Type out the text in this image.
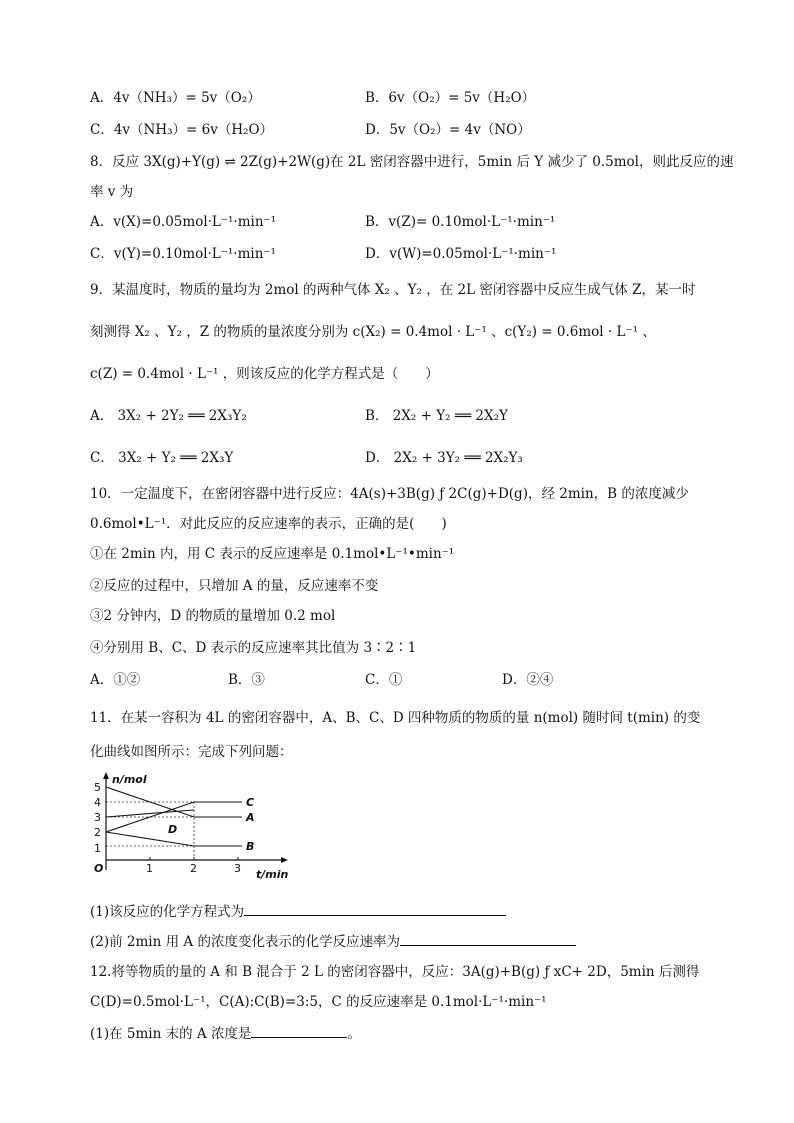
A．4v（NH₃）= 5v（O₂）	B．6v（O₂）= 5v（H₂O）
C．4v（NH₃）= 6v（H₂O）	D．5v（O₂）= 4v（NO）
8．反应 3X(g)+Y(g) ⇌ 2Z(g)+2W(g)在 2L 密闭容器中进行，5min 后 Y 减少了 0.5mol，则此反应的速
率 v 为
A．v(X)=0.05mol·L⁻¹·min⁻¹	B．v(Z)= 0.10mol·L⁻¹·min⁻¹
C．v(Y)=0.10mol·L⁻¹·min⁻¹	D．v(W)=0.05mol·L⁻¹·min⁻¹
9．某温度时，物质的量均为 2mol 的两种气体 X₂ 、Y₂ ，在 2L 密闭容器中反应生成气体 Z，某一时
刻测得 X₂ 、Y₂ ，Z 的物质的量浓度分别为 c(X₂) = 0.4mol · L⁻¹ 、c(Y₂) = 0.6mol · L⁻¹ 、
c(Z) = 0.4mol · L⁻¹ ，则该反应的化学方程式是（　　）
A． 3X₂ + 2Y₂ ══ 2X₃Y₂	B． 2X₂ + Y₂ ══ 2X₂Y
C． 3X₂ + Y₂ ══ 2X₃Y	D． 2X₂ + 3Y₂ ══ 2X₂Y₃
10．一定温度下，在密闭容器中进行反应：4A(s)+3B(g) ƒ 2C(g)+D(g)，经 2min，B 的浓度减少
0.6mol•L⁻¹．对此反应的反应速率的表示，正确的是(　　)
①在 2min 内，用 C 表示的反应速率是 0.1mol•L⁻¹•min⁻¹
②反应的过程中，只增加 A 的量，反应速率不变
③2 分钟内，D 的物质的量增加 0.2 mol
④分别用 B、C、D 表示的反应速率其比值为 3∶2∶1
A．①②	B．③	C．①	D．②④
11．在某一容积为 4L 的密闭容器中，A、B、C、D 四种物质的物质的量 n(mol) 随时间 t(min) 的变
化曲线如图所示：完成下列问题：
n/mol
t/min
O
1
2
3
4
5
1	2	3
C
A
D
B
(1)该反应的化学方程式为
(2)前 2min 用 A 的浓度变化表示的化学反应速率为
12.将等物质的量的 A 和 B 混合于 2 L 的密闭容器中，反应：3A(g)+B(g) ƒ xC+ 2D，5min 后测得
C(D)=0.5mol·L⁻¹，C(A):C(B)=3:5，C 的反应速率是 0.1mol·L⁻¹·min⁻¹
(1)在 5min 末的 A 浓度是	。
